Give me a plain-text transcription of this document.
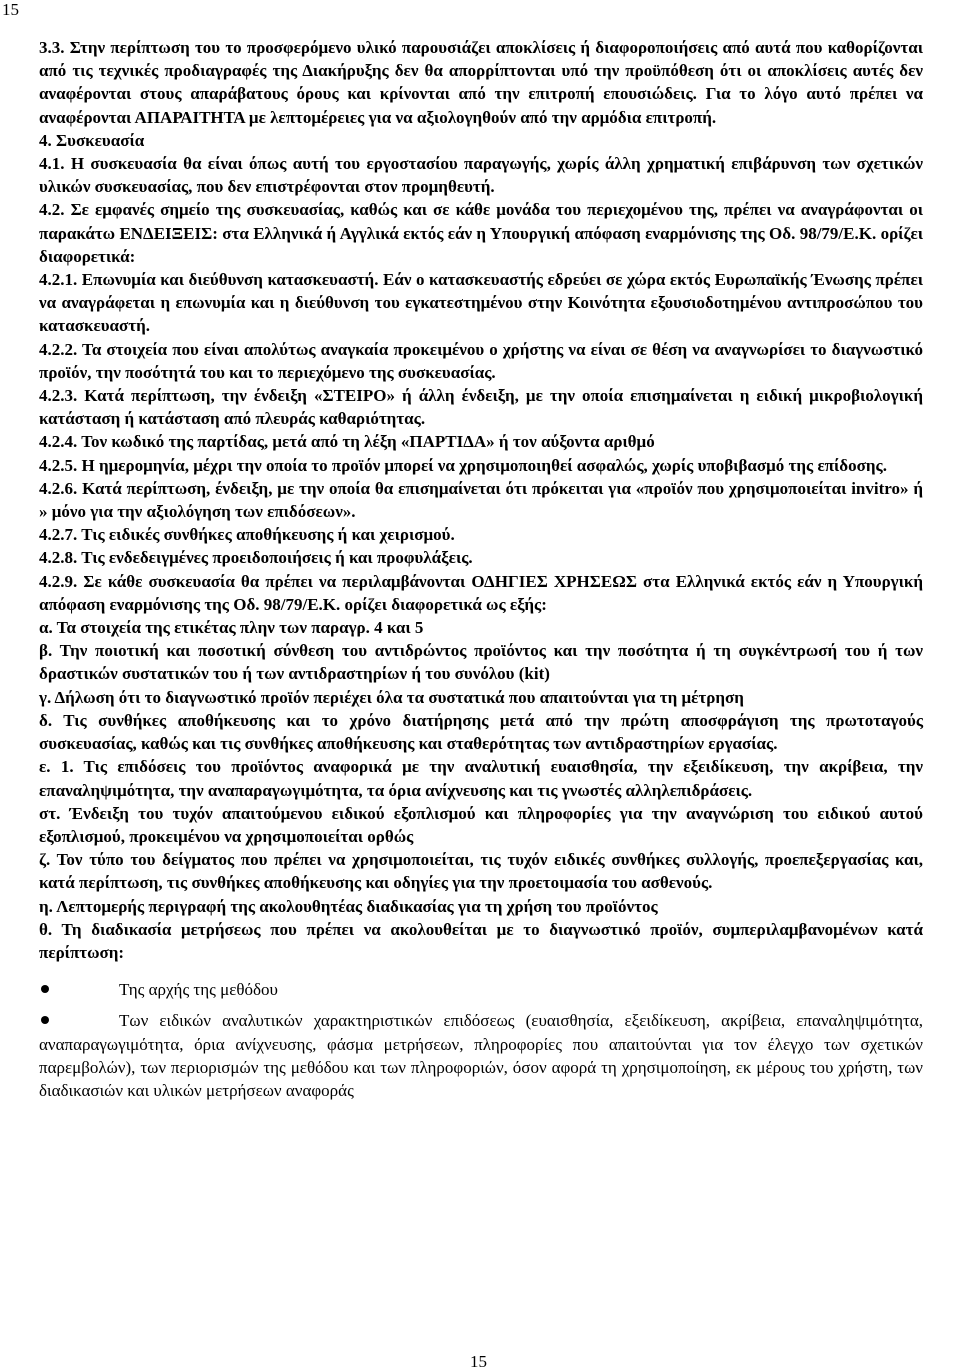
15

3.3. Στην περίπτωση του το προσφερόμενο υλικό παρουσιάζει αποκλίσεις ή διαφοροποιήσεις από αυτά που καθορίζονται από τις τεχνικές προδιαγραφές της Διακήρυξης δεν θα απορρίπτονται υπό την προϋπόθεση ότι οι αποκλίσεις αυτές δεν αναφέρονται στους απαράβατους όρους και κρίνονται από την επιτροπή επουσιώδεις. Για το λόγο αυτό πρέπει να αναφέρονται ΑΠΑΡΑΙΤΗΤΑ με λεπτομέρειες για να αξιολογηθούν από την αρμόδια επιτροπή.

4. Συσκευασία

4.1. Η συσκευασία θα είναι όπως αυτή του εργοστασίου παραγωγής, χωρίς άλλη χρηματική επιβάρυνση των σχετικών υλικών συσκευασίας, που δεν επιστρέφονται στον προμηθευτή.

4.2. Σε εμφανές σημείο της συσκευασίας, καθώς και σε κάθε μονάδα του περιεχομένου της, πρέπει να αναγράφονται οι παρακάτω ΕΝΔΕΙΞΕΙΣ: στα Ελληνικά ή Αγγλικά εκτός εάν η Υπουργική απόφαση εναρμόνισης της Οδ. 98/79/Ε.Κ. ορίζει διαφορετικά:

4.2.1. Επωνυμία και διεύθυνση κατασκευαστή. Εάν ο κατασκευαστής εδρεύει σε χώρα εκτός Ευρωπαϊκής Ένωσης πρέπει να αναγράφεται η επωνυμία και η διεύθυνση του εγκατεστημένου στην Κοινότητα εξουσιοδοτημένου αντιπροσώπου του κατασκευαστή.

4.2.2. Τα στοιχεία που είναι απολύτως αναγκαία προκειμένου ο χρήστης να είναι σε θέση να αναγνωρίσει το διαγνωστικό προϊόν, την ποσότητά του και το περιεχόμενο της συσκευασίας.

4.2.3. Κατά περίπτωση, την ένδειξη «ΣΤΕΙΡΟ» ή άλλη ένδειξη, με την οποία επισημαίνεται η ειδική μικροβιολογική κατάσταση ή κατάσταση από πλευράς καθαριότητας.

4.2.4. Τον κωδικό της παρτίδας, μετά από τη λέξη «ΠΑΡΤΙΔΑ» ή τον αύξοντα αριθμό

4.2.5. Η ημερομηνία, μέχρι την οποία το προϊόν μπορεί να χρησιμοποιηθεί ασφαλώς, χωρίς υποβιβασμό της επίδοσης.

4.2.6. Κατά περίπτωση, ένδειξη, με την οποία θα επισημαίνεται ότι πρόκειται για «προϊόν που χρησιμοποιείται invitro» ή » μόνο για την αξιολόγηση των επιδόσεων».

4.2.7. Τις ειδικές συνθήκες αποθήκευσης ή και χειρισμού.

4.2.8. Τις ενδεδειγμένες προειδοποιήσεις ή και προφυλάξεις.

4.2.9. Σε κάθε συσκευασία θα πρέπει να περιλαμβάνονται ΟΔΗΓΙΕΣ ΧΡΗΣΕΩΣ στα Ελληνικά εκτός εάν η Υπουργική απόφαση εναρμόνισης της Οδ. 98/79/Ε.Κ. ορίζει διαφορετικά ως εξής:

α. Τα στοιχεία της ετικέτας πλην των παραγρ. 4 και 5

β. Την ποιοτική και ποσοτική σύνθεση του αντιδρώντος προϊόντος και την ποσότητα ή τη συγκέντρωσή του ή των δραστικών συστατικών του ή των αντιδραστηρίων ή του συνόλου (kit)

γ. Δήλωση ότι το διαγνωστικό προϊόν περιέχει όλα τα συστατικά που απαιτούνται για τη μέτρηση

δ. Τις συνθήκες αποθήκευσης και το χρόνο διατήρησης μετά από την πρώτη αποσφράγιση της πρωτοταγούς συσκευασίας, καθώς και τις συνθήκες αποθήκευσης και σταθερότητας των αντιδραστηρίων εργασίας.

ε. 1. Τις επιδόσεις του προϊόντος αναφορικά με την αναλυτική ευαισθησία, την εξειδίκευση, την ακρίβεια, την επαναληψιμότητα, την αναπαραγωγιμότητα, τα όρια ανίχνευσης και τις γνωστές αλληλεπιδράσεις.

στ. Ένδειξη του τυχόν απαιτούμενου ειδικού εξοπλισμού και πληροφορίες για την αναγνώριση του ειδικού αυτού εξοπλισμού, προκειμένου να χρησιμοποιείται ορθώς

ζ. Τον τύπο του δείγματος που πρέπει να χρησιμοποιείται, τις τυχόν ειδικές συνθήκες συλλογής, προεπεξεργασίας και, κατά περίπτωση, τις συνθήκες αποθήκευσης και οδηγίες για την προετοιμασία του ασθενούς.

η. Λεπτομερής περιγραφή της ακολουθητέας διαδικασίας για τη χρήση του προϊόντος

θ. Τη διαδικασία μετρήσεως που πρέπει να ακολουθείται με το διαγνωστικό προϊόν, συμπεριλαμβανομένων κατά περίπτωση:

Της αρχής της μεθόδου
Των ειδικών αναλυτικών χαρακτηριστικών επιδόσεως (ευαισθησία, εξειδίκευση, ακρίβεια, επαναληψιμότητα, αναπαραγωγιμότητα, όρια ανίχνευσης, φάσμα μετρήσεων, πληροφορίες που απαιτούνται για τον έλεγχο των σχετικών παρεμβολών), των περιορισμών της μεθόδου και των πληροφοριών, όσον αφορά τη χρησιμοποίηση, εκ μέρους του χρήστη, των διαδικασιών και υλικών μετρήσεων αναφοράς
15
